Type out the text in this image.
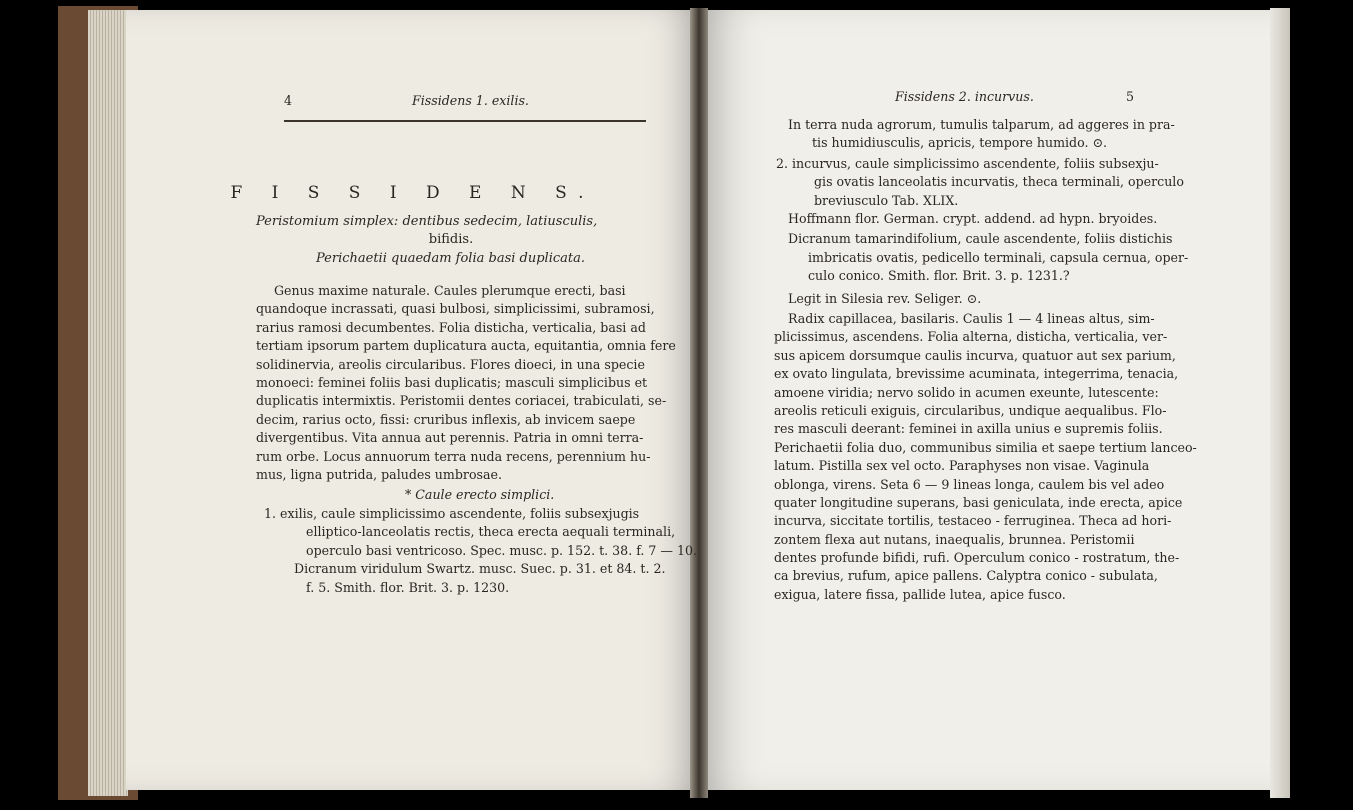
4	Fissidens 1. exilis.
F I S S I D E N S.
Peristomium simplex: dentibus sedecim, latiusculis,
bifidis.
Perichaetii quaedam folia basi duplicata.
Genus maxime naturale. Caules plerumque erecti, basi
quandoque incrassati, quasi bulbosi, simplicissimi, subramosi,
rarius ramosi decumbentes. Folia disticha, verticalia, basi ad
tertiam ipsorum partem duplicatura aucta, equitantia, omnia fere
solidinervia, areolis circularibus. Flores dioeci, in una specie
monoeci: feminei foliis basi duplicatis; masculi simplicibus et
duplicatis intermixtis. Peristomii dentes coriacei, trabiculati, se-
decim, rarius octo, fissi: cruribus inflexis, ab invicem saepe
divergentibus. Vita annua aut perennis. Patria in omni terra-
rum orbe. Locus annuorum terra nuda recens, perennium hu-
mus, ligna putrida, paludes umbrosae.
* Caule erecto simplici.
1. exilis, caule simplicissimo ascendente, foliis subsexjugis
elliptico-lanceolatis rectis, theca erecta aequali terminali,
operculo basi ventricoso. Spec. musc. p. 152. t. 38. f. 7 — 10.
Dicranum viridulum Swartz. musc. Suec. p. 31. et 84. t. 2.
f. 5. Smith. flor. Brit. 3. p. 1230.
Fissidens 2. incurvus.	5
In terra nuda agrorum, tumulis talparum, ad aggeres in pra-
tis humidiusculis, apricis, tempore humido. ⊙.
2. incurvus, caule simplicissimo ascendente, foliis subsexju-
gis ovatis lanceolatis incurvatis, theca terminali, operculo
breviusculo Tab. XLIX.
Hoffmann flor. German. crypt. addend. ad hypn. bryoides.
Dicranum tamarindifolium, caule ascendente, foliis distichis
imbricatis ovatis, pedicello terminali, capsula cernua, oper-
culo conico. Smith. flor. Brit. 3. p. 1231.?
Legit in Silesia rev. Seliger. ⊙.
Radix capillacea, basilaris. Caulis 1 — 4 lineas altus, sim-
plicissimus, ascendens. Folia alterna, disticha, verticalia, ver-
sus apicem dorsumque caulis incurva, quatuor aut sex parium,
ex ovato lingulata, brevissime acuminata, integerrima, tenacia,
amoene viridia; nervo solido in acumen exeunte, lutescente:
areolis reticuli exiguis, circularibus, undique aequalibus. Flo-
res masculi deerant: feminei in axilla unius e supremis foliis.
Perichaetii folia duo, communibus similia et saepe tertium lanceo-
latum. Pistilla sex vel octo. Paraphyses non visae. Vaginula
oblonga, virens. Seta 6 — 9 lineas longa, caulem bis vel adeo
quater longitudine superans, basi geniculata, inde erecta, apice
incurva, siccitate tortilis, testaceo - ferruginea. Theca ad hori-
zontem flexa aut nutans, inaequalis, brunnea. Peristomii
dentes profunde bifidi, rufi. Operculum conico - rostratum, the-
ca brevius, rufum, apice pallens. Calyptra conico - subulata,
exigua, latere fissa, pallide lutea, apice fusco.
